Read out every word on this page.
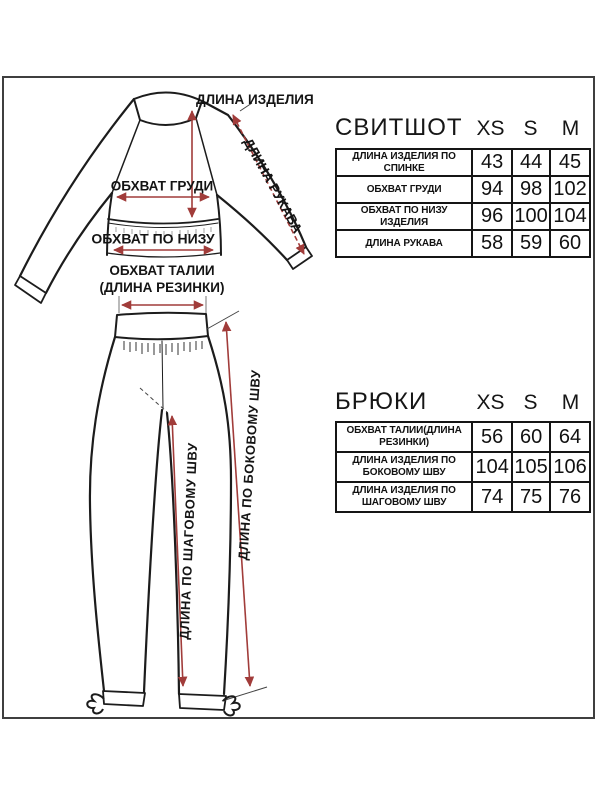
ДЛИНА ИЗДЕЛИЯ
ДЛИНА РУКАВА
ОБХВАТ ГРУДИ
ОБХВАТ ПО НИЗУ
ОБХВАТ ТАЛИИ
(ДЛИНА РЕЗИНКИ)
ДЛИНА ПО ШАГОВОМУ ШВУ	ДЛИНА ПО БОКОВОМУ ШВУ
СВИТШОТ XS S	M
ДЛИНА ИЗДЕЛИЯ ПО СПИНКЕ	43	44	45
ОБХВАТ ГРУДИ	94	98	102
ОБХВАТ ПО НИЗУ ИЗДЕЛИЯ	96	100	104
ДЛИНА РУКАВА	58	59	60
БРЮКИ	XS S	M
ОБХВАТ ТАЛИИ(ДЛИНА РЕЗИНКИ)	56	60	64
ДЛИНА ИЗДЕЛИЯ ПО БОКОВОМУ ШВУ	104	105	106
ДЛИНА ИЗДЕЛИЯ ПО ШАГОВОМУ ШВУ	74	75	76
